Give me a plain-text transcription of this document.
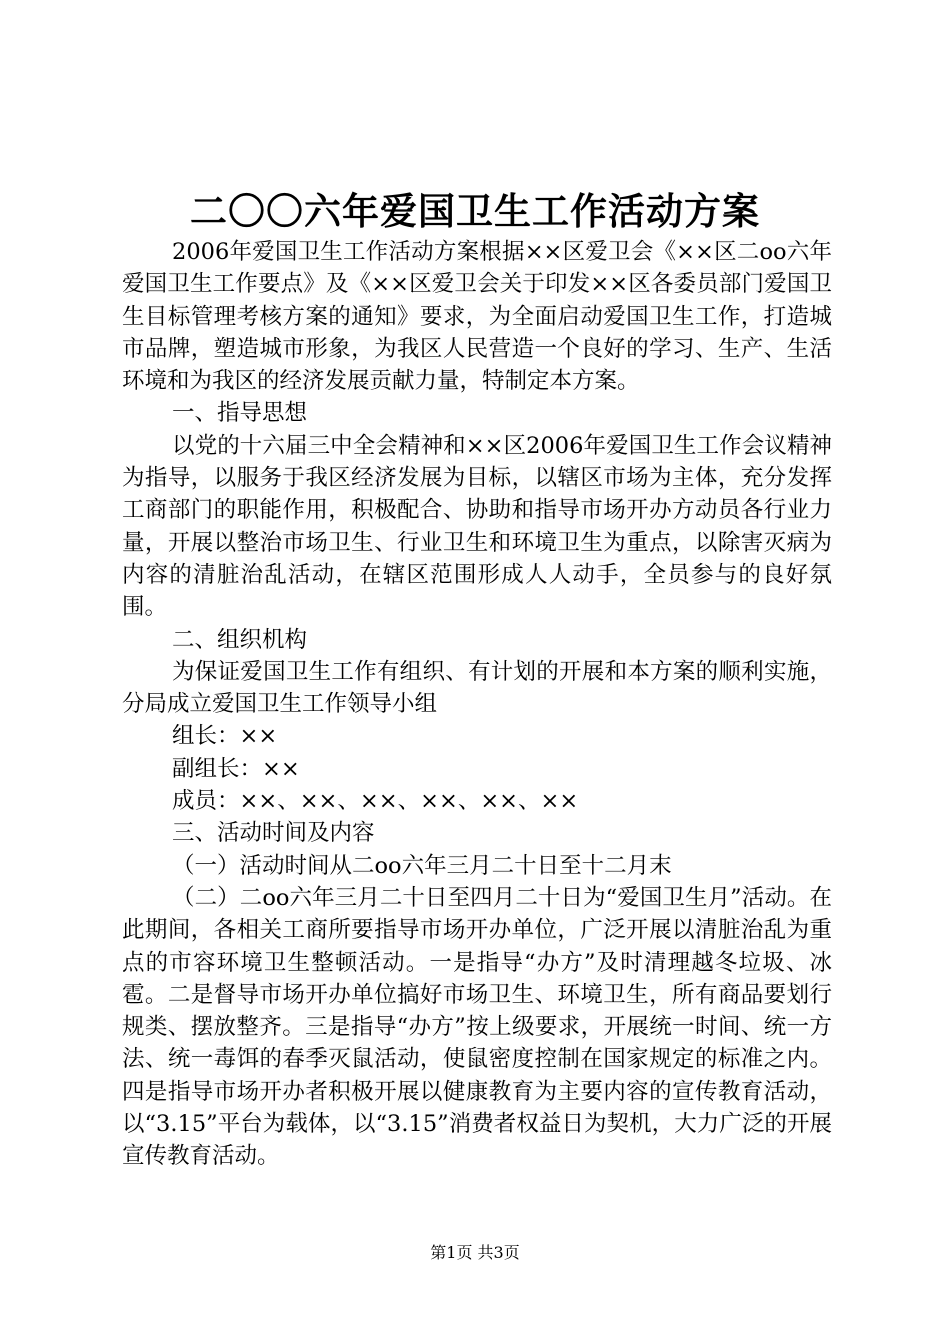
二〇〇六年爱国卫生工作活动方案

2006年爱国卫生工作活动方案根据××区爱卫会《××区二oo六年爱国卫生工作要点》及《××区爱卫会关于印发××区各委员部门爱国卫生目标管理考核方案的通知》要求，为全面启动爱国卫生工作，打造城市品牌，塑造城市形象，为我区人民营造一个良好的学习、生产、生活环境和为我区的经济发展贡献力量，特制定本方案。

一、指导思想

以党的十六届三中全会精神和××区2006年爱国卫生工作会议精神为指导，以服务于我区经济发展为目标，以辖区市场为主体，充分发挥工商部门的职能作用，积极配合、协助和指导市场开办方动员各行业力量，开展以整治市场卫生、行业卫生和环境卫生为重点，以除害灭病为内容的清脏治乱活动，在辖区范围形成人人动手，全员参与的良好氛围。

二、组织机构

为保证爱国卫生工作有组织、有计划的开展和本方案的顺利实施，分局成立爱国卫生工作领导小组

组长：××

副组长：××

成员：××、××、××、××、××、××

三、活动时间及内容

（一）活动时间从二oo六年三月二十日至十二月末

（二）二oo六年三月二十日至四月二十日为“爱国卫生月”活动。在此期间，各相关工商所要指导市场开办单位，广泛开展以清脏治乱为重点的市容环境卫生整顿活动。一是指导“办方”及时清理越冬垃圾、冰雹。二是督导市场开办单位搞好市场卫生、环境卫生，所有商品要划行规类、摆放整齐。三是指导“办方”按上级要求，开展统一时间、统一方法、统一毒饵的春季灭鼠活动，使鼠密度控制在国家规定的标准之内。四是指导市场开办者积极开展以健康教育为主要内容的宣传教育活动，以“3.15”平台为载体，以“3.15”消费者权益日为契机，大力广泛的开展宣传教育活动。

第1页 共3页
